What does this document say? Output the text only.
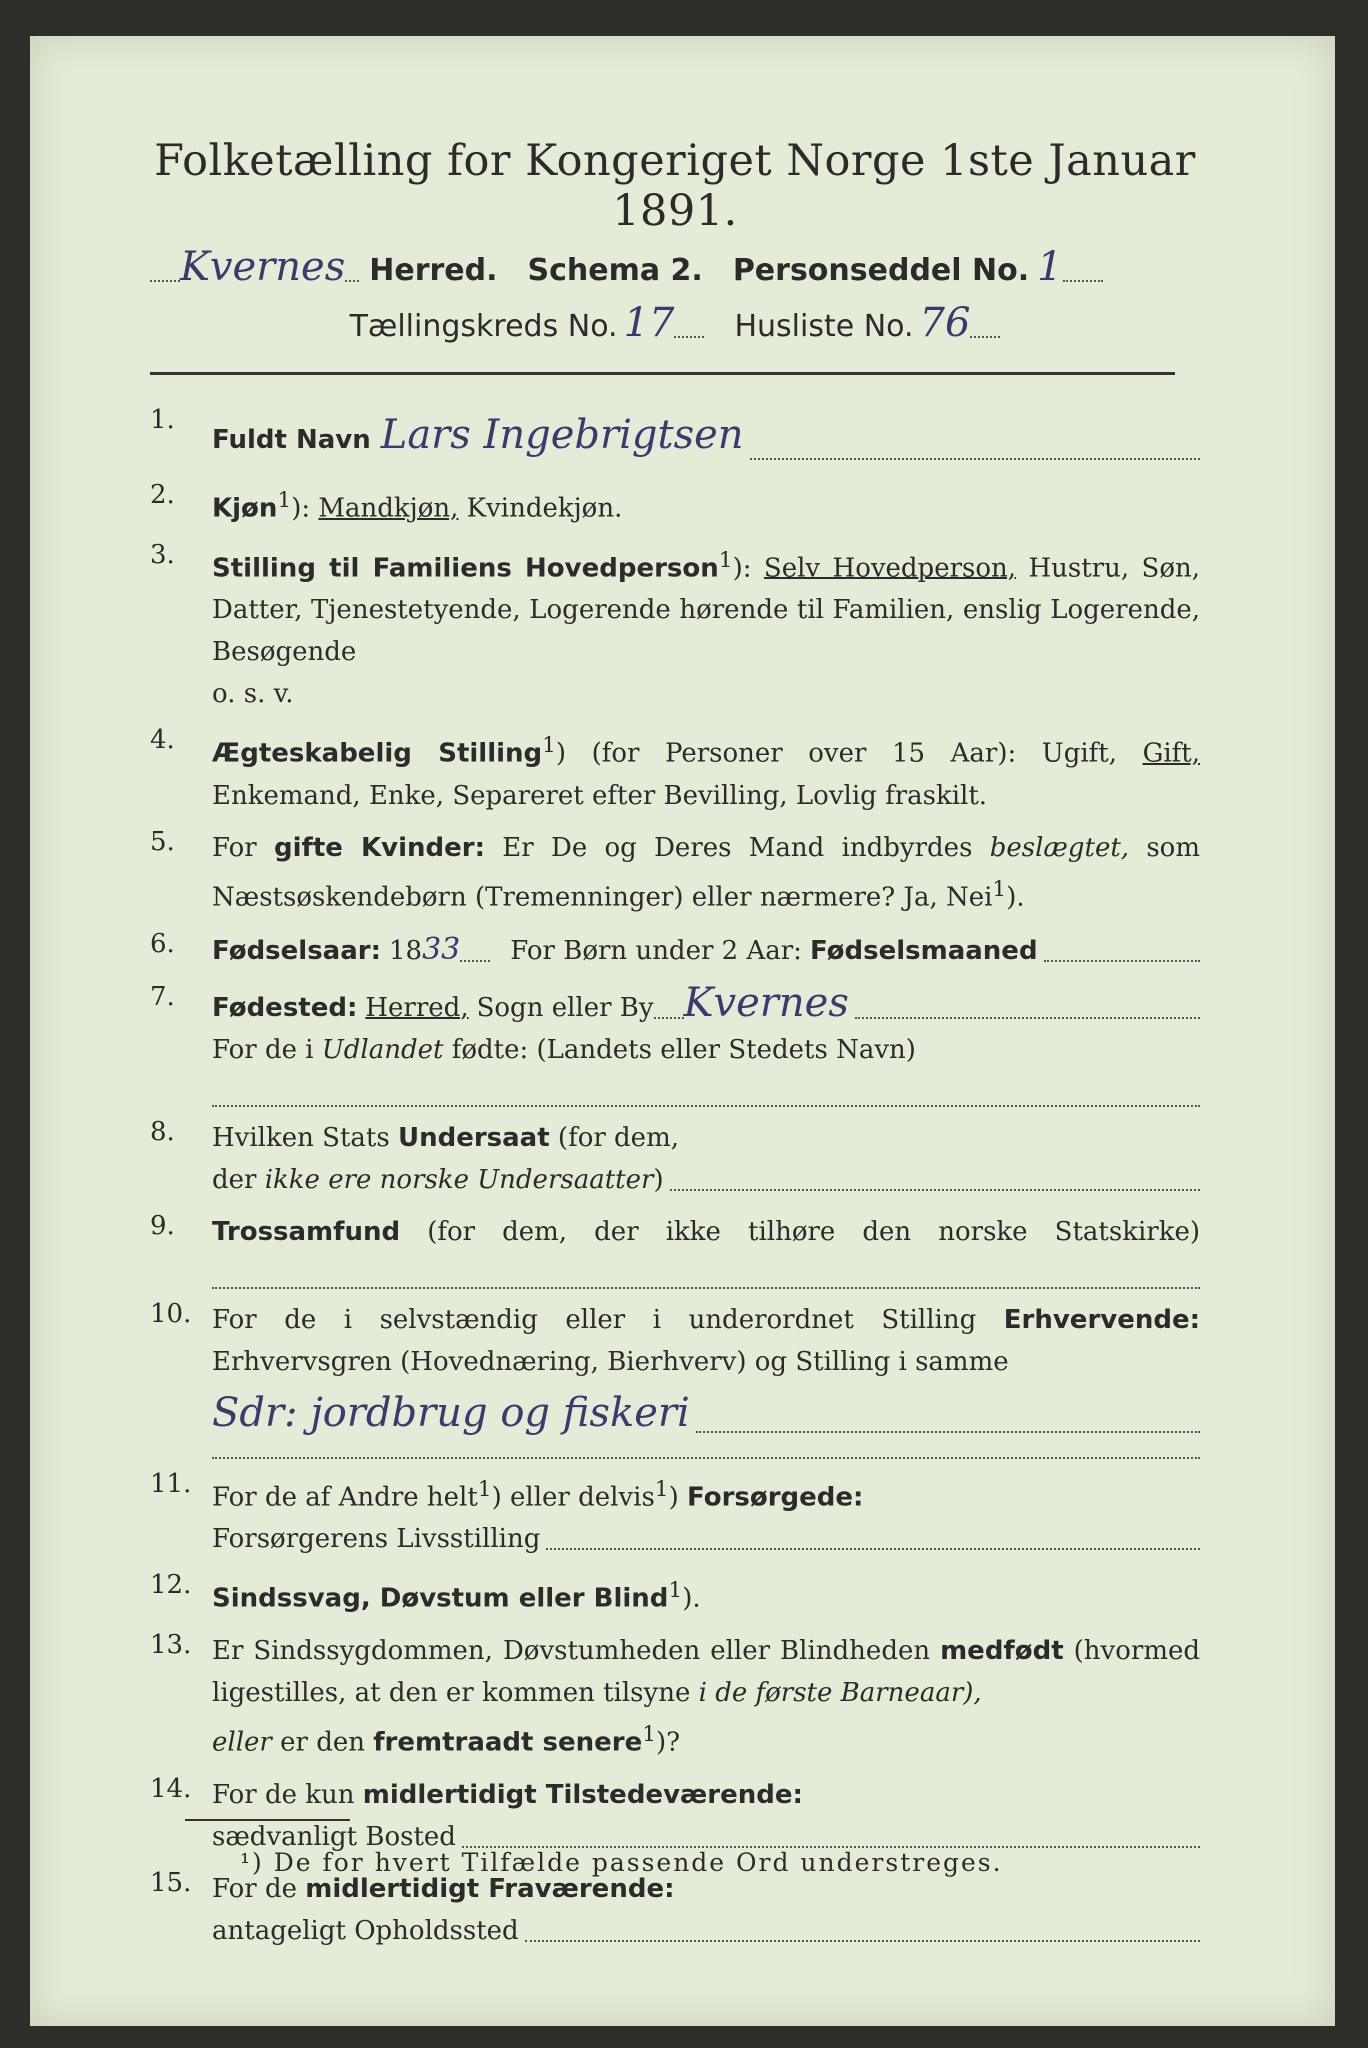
Folketælling for Kongeriget Norge 1ste Januar 1891.
Kvernes Herred. Schema 2. Personseddel No. 1
Tællingskreds No. 17 Husliste No. 76
1.
Fuldt Navn Lars Ingebrigtsen
2.	Kjøn$^1$): Mandkjøn, Kvindekjøn.
3.	Stilling til Familiens Hovedperson$^1$): Selv Hovedperson, Hustru, Søn, Datter, Tjenestetyende, Logerende hørende til Familien, enslig Logerende, Besøgende
o. s. v.
4.	Ægteskabelig Stilling$^1$) (for Personer over 15 Aar): Ugift, Gift, Enkemand, Enke, Separeret efter Bevilling, Lovlig fraskilt.
5.	For gifte Kvinder: Er De og Deres Mand indbyrdes beslægtet, som Næstsøskendebørn (Tremenninger) eller nærmere? Ja, Nei$^1$).
6.	Fødselsaar: 18 33 For Børn under 2 Aar: Fødselsmaaned
7.	Fødested: Herred, Sogn eller By Kvernes
For de i Udlandet fødte: (Landets eller Stedets Navn)
8.	Hvilken Stats Undersaat (for dem,
der
ikke ere norske Undersaatter )
9.	Trossamfund (for dem, der ikke tilhøre den norske Statskirke)
10. For de i selvstændig eller i underordnet Stilling Erhvervende: Erhvervsgren (Hovednæring, Bierhverv) og Stilling i samme
Sdr: jordbrug og fiskeri
11. For de af Andre helt$^1$) eller delvis$^1$) Forsørgede:
Forsørgerens Livsstilling
12. Sindssvag, Døvstum eller Blind$^1$).
13. Er Sindssygdommen, Døvstumheden eller Blindheden medfødt (hvormed ligestilles, at den er kommen tilsyne i de første Barneaar),
eller er den fremtraadt senere$^1$)?
14. For de kun midlertidigt Tilstedeværende:
sædvanligt Bosted
15. For de midlertidigt Fraværende:
antageligt Opholdssted
¹) De for hvert Tilfælde passende Ord understreges.
